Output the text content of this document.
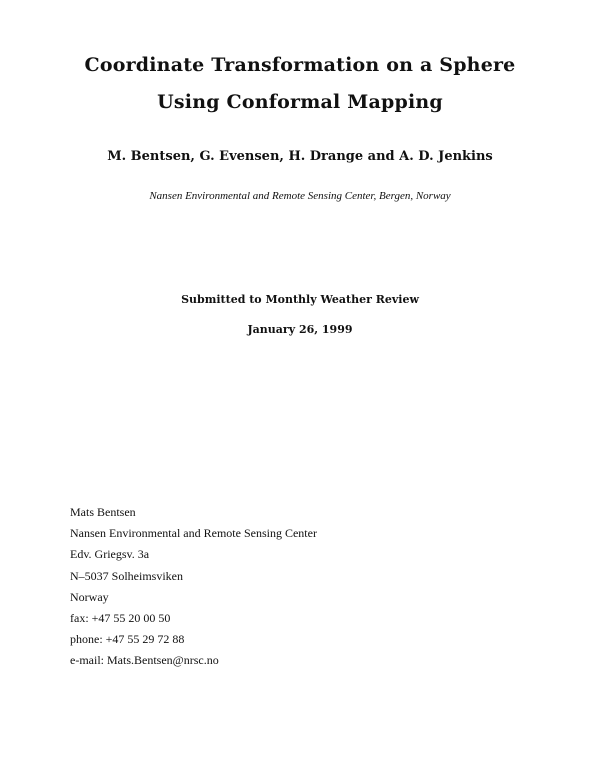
Coordinate Transformation on a Sphere
Using Conformal Mapping
M. Bentsen, G. Evensen, H. Drange and A. D. Jenkins
Nansen Environmental and Remote Sensing Center, Bergen, Norway
Submitted to Monthly Weather Review
January 26, 1999
Mats Bentsen
Nansen Environmental and Remote Sensing Center
Edv. Griegsv. 3a
N–5037 Solheimsviken
Norway
fax: +47 55 20 00 50
phone: +47 55 29 72 88
e-mail: Mats.Bentsen@nrsc.no
